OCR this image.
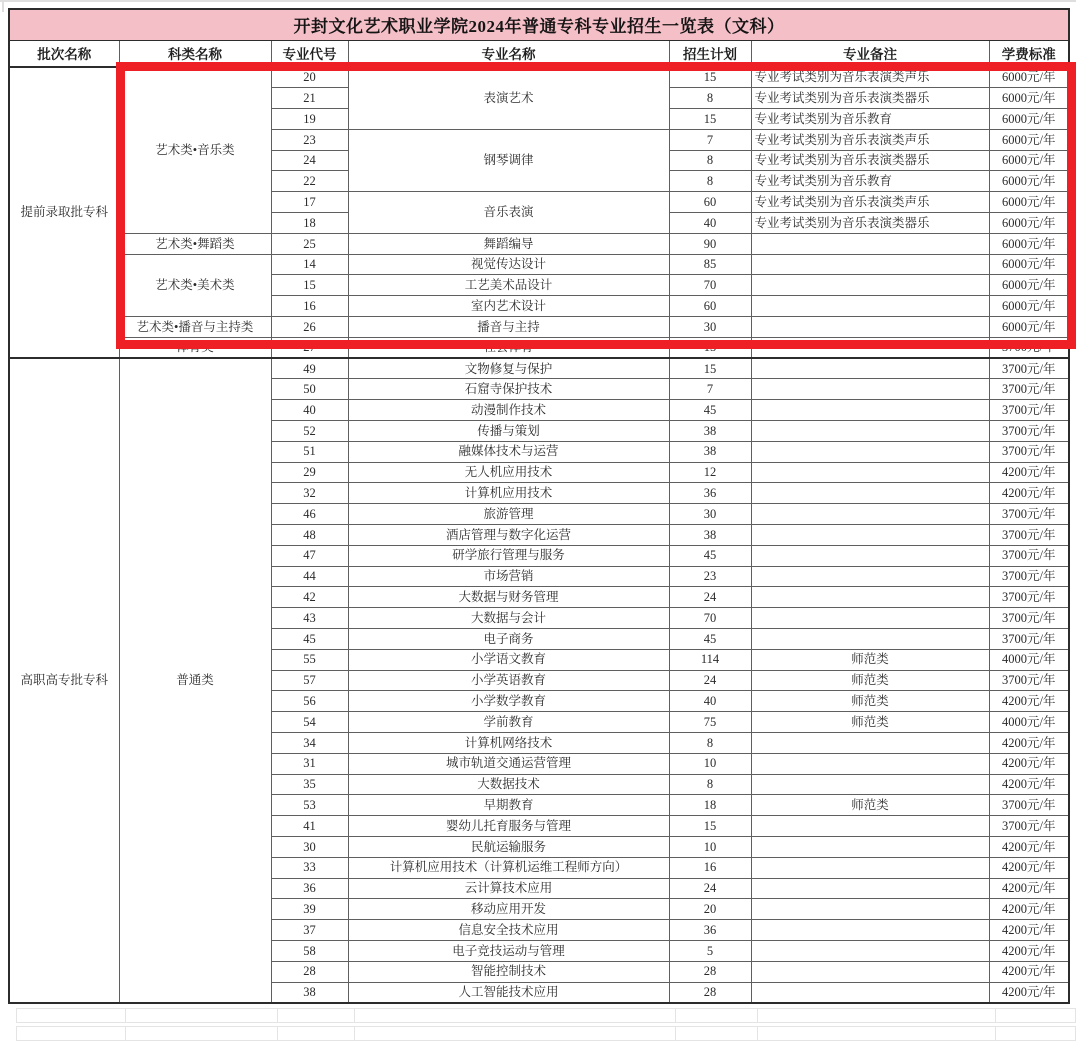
开封文化艺术职业学院2024年普通专科专业招生一览表（文科）						
批次名称	科类名称	专业代号	专业名称	招生计划	专业备注	学费标准
提前录取批专科	艺术类•音乐类	20	表演艺术	15	专业考试类别为音乐表演类声乐	6000元/年
		21		8	专业考试类别为音乐表演类器乐	6000元/年
		19		15	专业考试类别为音乐教育	6000元/年
		23	钢琴调律	7	专业考试类别为音乐表演类声乐	6000元/年
		24		8	专业考试类别为音乐表演类器乐	6000元/年
		22		8	专业考试类别为音乐教育	6000元/年
		17	音乐表演	60	专业考试类别为音乐表演类声乐	6000元/年
		18		40	专业考试类别为音乐表演类器乐	6000元/年
	艺术类•舞蹈类	25	舞蹈编导	90		6000元/年
	艺术类•美术类	14	视觉传达设计	85		6000元/年
		15	工艺美术品设计	70		6000元/年
		16	室内艺术设计	60		6000元/年
	艺术类•播音与主持类	26	播音与主持	30		6000元/年
	体育类	27	社会体育	15		3700元/年
高职高专批专科	普通类	49	文物修复与保护	15		3700元/年
		50	石窟寺保护技术	7		3700元/年
		40	动漫制作技术	45		3700元/年
		52	传播与策划	38		3700元/年
		51	融媒体技术与运营	38		3700元/年
		29	无人机应用技术	12		4200元/年
		32	计算机应用技术	36		4200元/年
		46	旅游管理	30		3700元/年
		48	酒店管理与数字化运营	38		3700元/年
		47	研学旅行管理与服务	45		3700元/年
		44	市场营销	23		3700元/年
		42	大数据与财务管理	24		3700元/年
		43	大数据与会计	70		3700元/年
		45	电子商务	45		3700元/年
		55	小学语文教育	114	师范类	4000元/年
		57	小学英语教育	24	师范类	3700元/年
		56	小学数学教育	40	师范类	4200元/年
		54	学前教育	75	师范类	4000元/年
		34	计算机网络技术	8		4200元/年
		31	城市轨道交通运营管理	10		4200元/年
		35	大数据技术	8		4200元/年
		53	早期教育	18	师范类	3700元/年
		41	婴幼儿托育服务与管理	15		3700元/年
		30	民航运输服务	10		4200元/年
		33	计算机应用技术（计算机运维工程师方向）	16		4200元/年
		36	云计算技术应用	24		4200元/年
		39	移动应用开发	20		4200元/年
		37	信息安全技术应用	36		4200元/年
		58	电子竞技运动与管理	5		4200元/年
		28	智能控制技术	28		4200元/年
		38	人工智能技术应用	28		4200元/年
